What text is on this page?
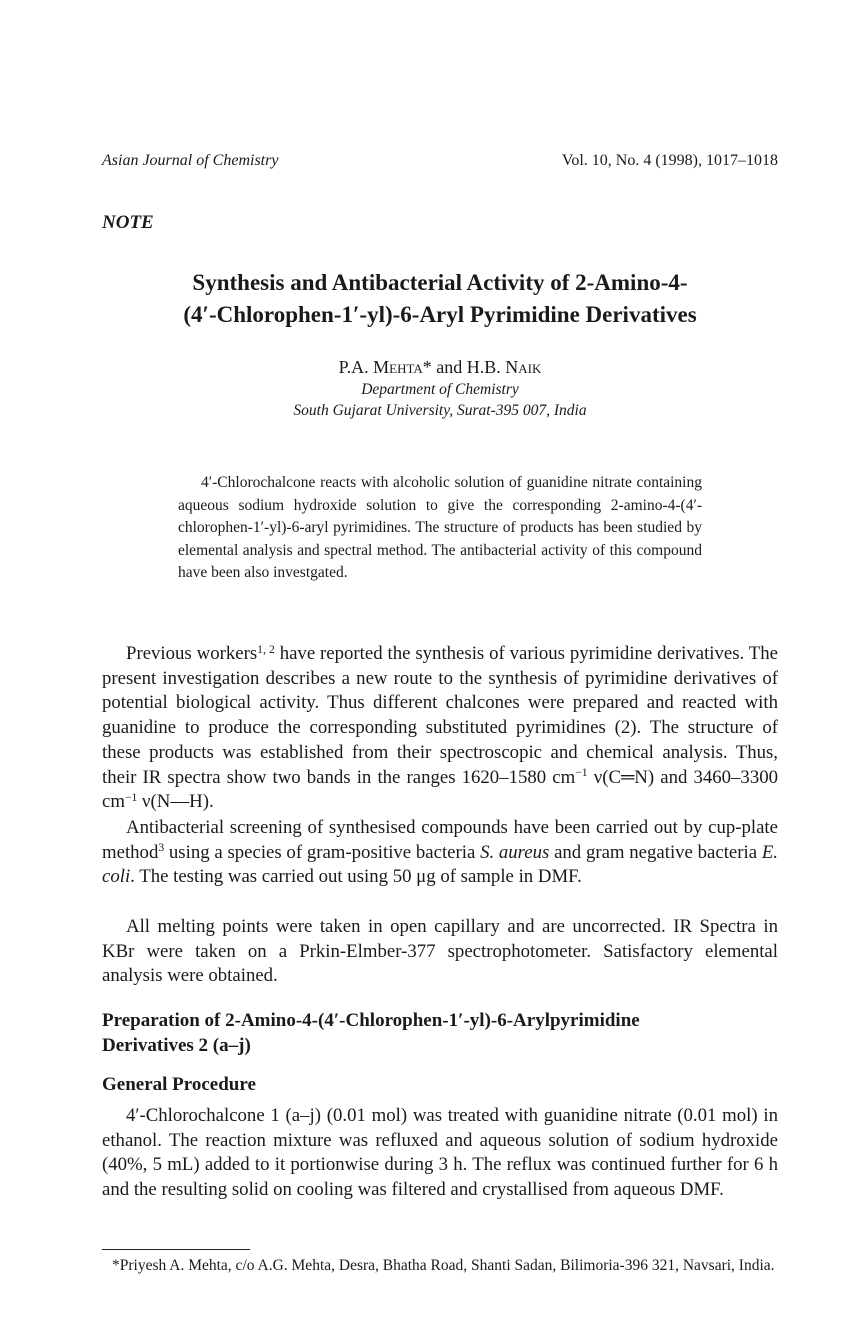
Asian Journal of Chemistry	Vol. 10, No. 4 (1998), 1017–1018
NOTE
Synthesis and Antibacterial Activity of 2-Amino-4-
(4′-Chlorophen-1′-yl)-6-Aryl Pyrimidine Derivatives
P.A. Mehta* and H.B. Naik
Department of Chemistry
South Gujarat University, Surat-395 007, India
4′-Chlorochalcone reacts with alcoholic solution of guanidine nitrate containing aqueous sodium hydroxide solution to give the corresponding 2-amino-4-(4′-chlorophen-1′-yl)-6-aryl pyrimidines. The structure of products has been studied by elemental analysis and spectral method. The antibacterial activity of this compound have been also investgated.
Previous workers$^{1, 2}$ have reported the synthesis of various pyrimidine derivatives. The present investigation describes a new route to the synthesis of pyrimidine derivatives of potential biological activity. Thus different chalcones were prepared and reacted with guanidine to produce the corresponding substituted pyrimidines (2). The structure of these products was established from their spectroscopic and chemical analysis. Thus, their IR spectra show two bands in the ranges 1620–1580 $cm^{-1}$ ν(C═N) and 3460–3300 $cm^{-1}$ ν(N—H).
Antibacterial screening of synthesised compounds have been carried out by cup-plate method$^3$ using a species of gram-positive bacteria S. aureus and gram negative bacteria E. coli. The testing was carried out using 50 μg of sample in DMF.
All melting points were taken in open capillary and are uncorrected. IR Spectra in KBr were taken on a Prkin-Elmber-377 spectrophotometer. Satisfactory elemental analysis were obtained.
Preparation of 2-Amino-4-(4′-Chlorophen-1′-yl)-6-Arylpyrimidine
Derivatives 2 (a–j)
General Procedure
4′-Chlorochalcone 1 (a–j) (0.01 mol) was treated with guanidine nitrate (0.01 mol) in ethanol. The reaction mixture was refluxed and aqueous solution of sodium hydroxide (40%, 5 mL) added to it portionwise during 3 h. The reflux was continued further for 6 h and the resulting solid on cooling was filtered and crystallised from aqueous DMF.
*Priyesh A. Mehta, c/o A.G. Mehta, Desra, Bhatha Road, Shanti Sadan, Bilimoria-396 321, Navsari, India.
